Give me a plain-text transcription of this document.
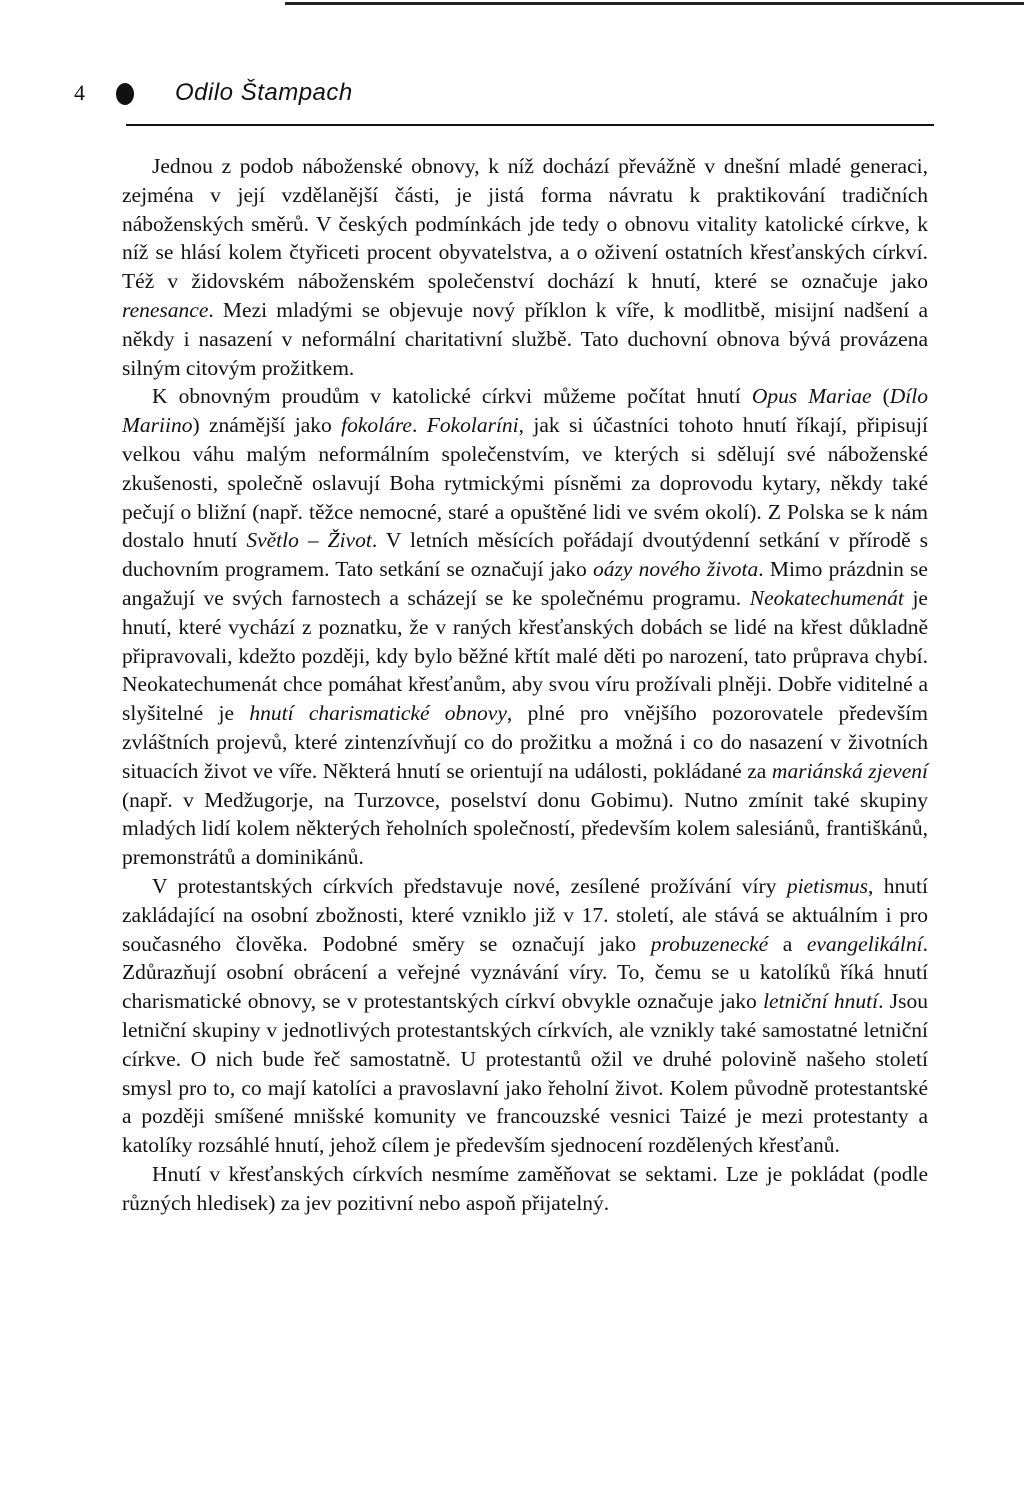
4	Odilo Štampach

Jednou z podob náboženské obnovy, k níž dochází převážně v dnešní mladé generaci, zejména v její vzdělanější části, je jistá forma návratu k praktikování tradičních náboženských směrů. V českých podmínkách jde tedy o obnovu vitality katolické církve, k níž se hlásí kolem čtyřiceti procent obyvatelstva, a o oživení ostatních křesťanských církví. Též v židovském náboženském společenství dochází k hnutí, které se označuje jako renesance. Mezi mladými se objevuje nový příklon k víře, k modlitbě, misijní nadšení a někdy i nasazení v neformální charitativní službě. Tato duchovní obnova bývá provázena silným citovým prožitkem.

K obnovným proudům v katolické církvi můžeme počítat hnutí Opus Mariae (Dílo Mariino) známější jako fokoláre. Fokolaríni, jak si účastníci tohoto hnutí říkají, připisují velkou váhu malým neformálním společenstvím, ve kterých si sdělují své náboženské zkušenosti, společně oslavují Boha rytmickými písněmi za doprovodu kytary, někdy také pečují o bližní (např. těžce nemocné, staré a opuštěné lidi ve svém okolí). Z Polska se k nám dostalo hnutí Světlo – Život. V letních měsících pořádají dvoutýdenní setkání v přírodě s duchovním programem. Tato setkání se označují jako oázy nového života. Mimo prázdnin se angažují ve svých farnostech a scházejí se ke společnému programu. Neokatechumenát je hnutí, které vychází z poznatku, že v raných křesťanských dobách se lidé na křest důkladně připravovali, kdežto později, kdy bylo běžné křtít malé děti po narození, tato průprava chybí. Neokatechumenát chce pomáhat křesťanům, aby svou víru prožívali plněji. Dobře viditelné a slyšitelné je hnutí charismatické obnovy, plné pro vnějšího pozorovatele především zvláštních projevů, které zintenzívňují co do prožitku a možná i co do nasazení v životních situacích život ve víře. Některá hnutí se orientují na události, pokládané za mariánská zjevení (např. v Medžugorje, na Turzovce, poselství donu Gobimu). Nutno zmínit také skupiny mladých lidí kolem některých řeholních společností, především kolem salesiánů, františkánů, premonstrátů a dominikánů.

V protestantských církvích představuje nové, zesílené prožívání víry pietismus, hnutí zakládající na osobní zbožnosti, které vzniklo již v 17. století, ale stává se aktuálním i pro současného člověka. Podobné směry se označují jako probuzenecké a evangelikální. Zdůrazňují osobní obrácení a veřejné vyznávání víry. To, čemu se u katolíků říká hnutí charismatické obnovy, se v protestantských církví obvykle označuje jako letniční hnutí. Jsou letniční skupiny v jednotlivých protestantských církvích, ale vznikly také samostatné letniční církve. O nich bude řeč samostatně. U protestantů ožil ve druhé polovině našeho století smysl pro to, co mají katolíci a pravoslavní jako řeholní život. Kolem původně protestantské a později smíšené mnišské komunity ve francouzské vesnici Taizé je mezi protestanty a katolíky rozsáhlé hnutí, jehož cílem je především sjednocení rozdělených křesťanů.

Hnutí v křesťanských církvích nesmíme zaměňovat se sektami. Lze je pokládat (podle různých hledisek) za jev pozitivní nebo aspoň přijatelný.
